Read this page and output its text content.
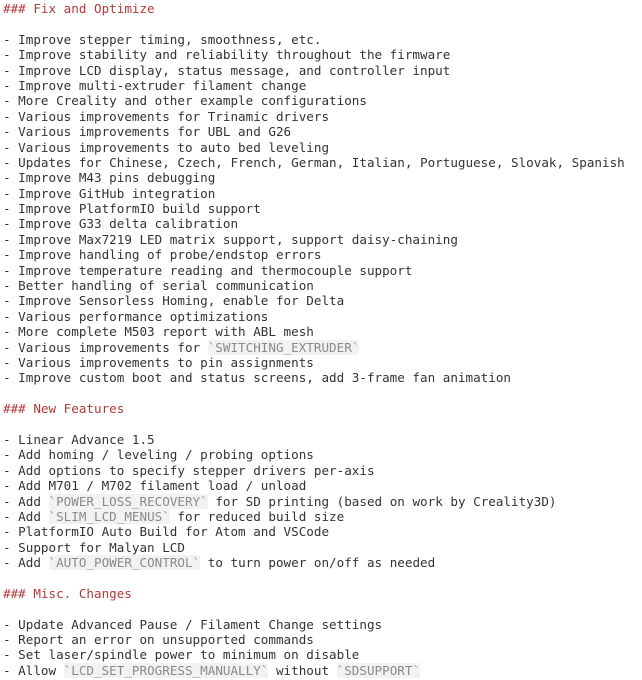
### Fix and Optimize
- Improve stepper timing, smoothness, etc.
- Improve stability and reliability throughout the firmware
- Improve LCD display, status message, and controller input
- Improve multi-extruder filament change
- More Creality and other example configurations
- Various improvements for Trinamic drivers
- Various improvements for UBL and G26
- Various improvements to auto bed leveling
- Updates for Chinese, Czech, French, German, Italian, Portuguese, Slovak, Spanish
- Improve M43 pins debugging
- Improve GitHub integration
- Improve PlatformIO build support
- Improve G33 delta calibration
- Improve Max7219 LED matrix support, support daisy-chaining
- Improve handling of probe/endstop errors
- Improve temperature reading and thermocouple support
- Better handling of serial communication
- Improve Sensorless Homing, enable for Delta
- Various performance optimizations
- More complete M503 report with ABL mesh
- Various improvements for `SWITCHING_EXTRUDER`
- Various improvements to pin assignments
- Improve custom boot and status screens, add 3-frame fan animation
### New Features
- Linear Advance 1.5
- Add homing / leveling / probing options
- Add options to specify stepper drivers per-axis
- Add M701 / M702 filament load / unload
- Add `POWER_LOSS_RECOVERY` for SD printing (based on work by Creality3D)
- Add `SLIM_LCD_MENUS` for reduced build size
- PlatformIO Auto Build for Atom and VSCode
- Support for Malyan LCD
- Add `AUTO_POWER_CONTROL` to turn power on/off as needed
### Misc. Changes
- Update Advanced Pause / Filament Change settings
- Report an error on unsupported commands
- Set laser/spindle power to minimum on disable
- Allow `LCD_SET_PROGRESS_MANUALLY` without `SDSUPPORT`
